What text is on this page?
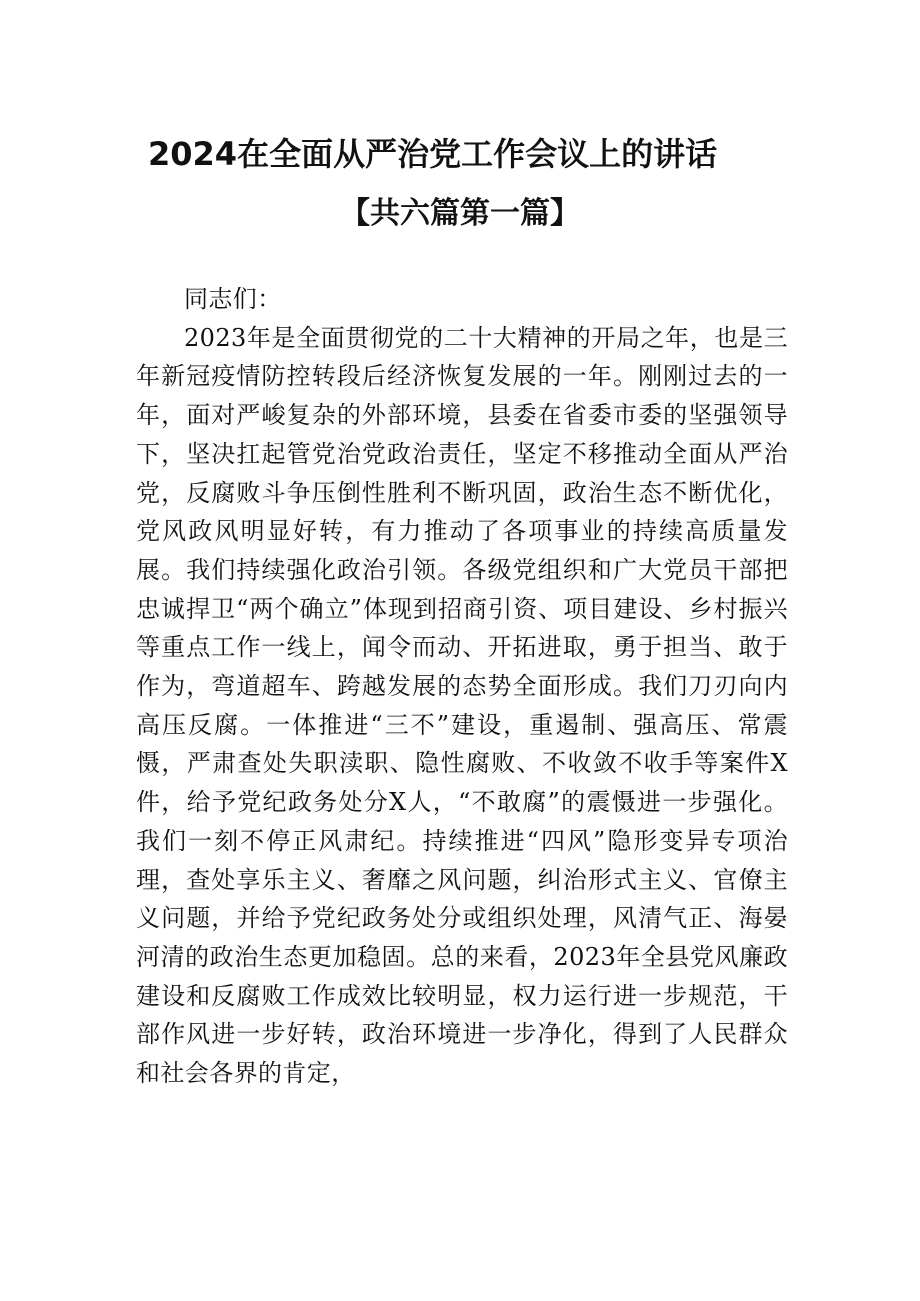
2024在全面从严治党工作会议上的讲话
【共六篇第一篇】

同志们：

2023年是全面贯彻党的二十大精神的开局之年，也是三年新冠疫情防控转段后经济恢复发展的一年。刚刚过去的一年，面对严峻复杂的外部环境，县委在省委市委的坚强领导下，坚决扛起管党治党政治责任，坚定不移推动全面从严治党，反腐败斗争压倒性胜利不断巩固，政治生态不断优化，党风政风明显好转，有力推动了各项事业的持续高质量发展。我们持续强化政治引领。各级党组织和广大党员干部把忠诚捍卫“两个确立”体现到招商引资、项目建设、乡村振兴等重点工作一线上，闻令而动、开拓进取，勇于担当、敢于作为，弯道超车、跨越发展的态势全面形成。我们刀刃向内高压反腐。一体推进“三不”建设，重遏制、强高压、常震慑，严肃查处失职渎职、隐性腐败、不收敛不收手等案件X件，给予党纪政务处分X人，“不敢腐”的震慑进一步强化。我们一刻不停正风肃纪。持续推进“四风”隐形变异专项治理，查处享乐主义、奢靡之风问题，纠治形式主义、官僚主义问题，并给予党纪政务处分或组织处理，风清气正、海晏河清的政治生态更加稳固。总的来看，2023年全县党风廉政建设和反腐败工作成效比较明显，权力运行进一步规范，干部作风进一步好转，政治环境进一步净化，得到了人民群众和社会各界的肯定，
